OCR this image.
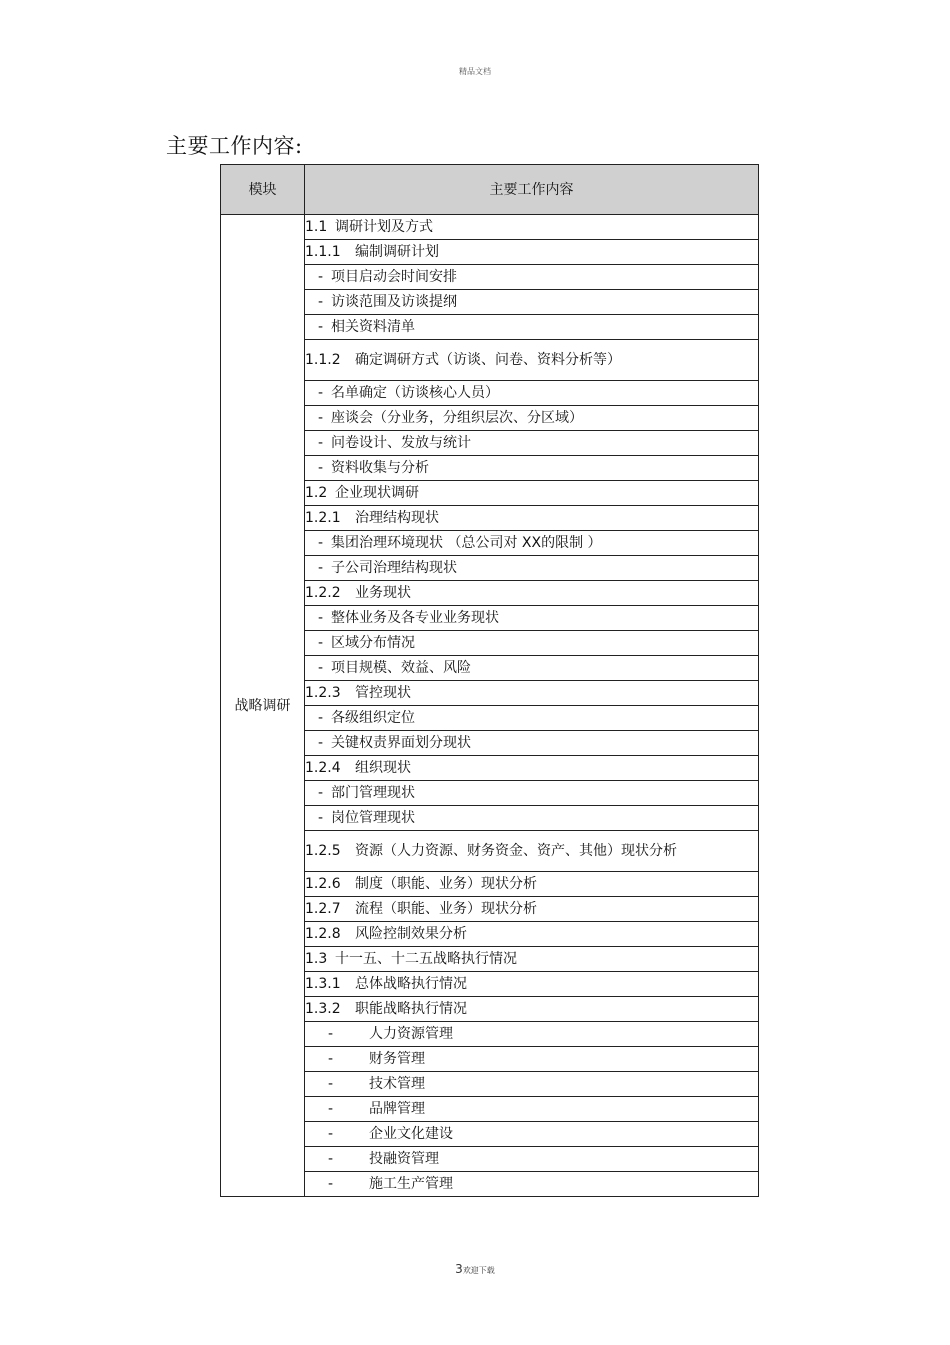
精品文档
主要工作内容:
模块	主要工作内容
战略调研	1.1 调研计划及方式
	1.1.1 编制调研计划
	- 项目启动会时间安排
	- 访谈范围及访谈提纲
	- 相关资料清单
	1.1.2 确定调研方式（访谈、问卷、资料分析等）
	- 名单确定（访谈核心人员）
	- 座谈会（分业务，分组织层次、分区域）
	- 问卷设计、发放与统计
	- 资料收集与分析
	1.2 企业现状调研
	1.2.1 治理结构现状
	- 集团治理环境现状 （总公司对 XX的限制 ）
	- 子公司治理结构现状
	1.2.2 业务现状
	- 整体业务及各专业业务现状
	- 区域分布情况
	- 项目规模、效益、风险
	1.2.3 管控现状
	- 各级组织定位
	- 关键权责界面划分现状
	1.2.4 组织现状
	- 部门管理现状
	- 岗位管理现状
	1.2.5 资源（人力资源、财务资金、资产、其他）现状分析
	1.2.6 制度（职能、业务）现状分析
	1.2.7 流程（职能、业务）现状分析
	1.2.8 风险控制效果分析
	1.3 十一五、十二五战略执行情况
	1.3.1 总体战略执行情况
	1.3.2 职能战略执行情况
	- 人力资源管理
	- 财务管理
	- 技术管理
	- 品牌管理
	- 企业文化建设
	- 投融资管理
	- 施工生产管理
3欢迎下载
